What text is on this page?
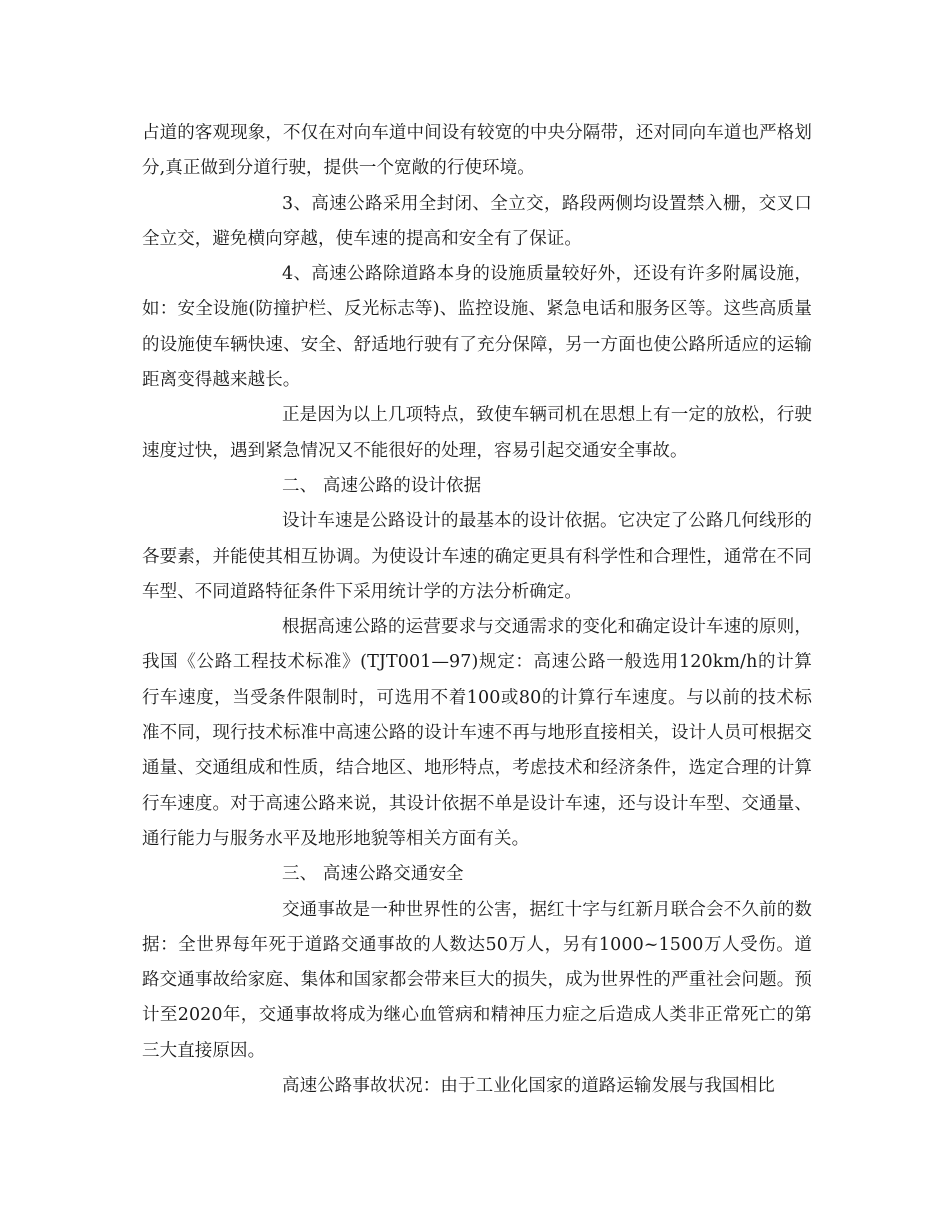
占道的客观现象，不仅在对向车道中间设有较宽的中央分隔带，还对同向车道也严格划分,真正做到分道行驶，提供一个宽敞的行使环境。

3、高速公路采用全封闭、全立交，路段两侧均设置禁入栅，交叉口全立交，避免横向穿越，使车速的提高和安全有了保证。

4、高速公路除道路本身的设施质量较好外，还设有许多附属设施，如：安全设施(防撞护栏、反光标志等)、监控设施、紧急电话和服务区等。这些高质量的设施使车辆快速、安全、舒适地行驶有了充分保障，另一方面也使公路所适应的运输距离变得越来越长。

正是因为以上几项特点，致使车辆司机在思想上有一定的放松，行驶速度过快，遇到紧急情况又不能很好的处理，容易引起交通安全事故。

二、 高速公路的设计依据

设计车速是公路设计的最基本的设计依据。它决定了公路几何线形的各要素，并能使其相互协调。为使设计车速的确定更具有科学性和合理性，通常在不同车型、不同道路特征条件下采用统计学的方法分析确定。

根据高速公路的运营要求与交通需求的变化和确定设计车速的原则，我国《公路工程技术标准》(TJT001—97)规定：高速公路一般选用120km/h的计算行车速度，当受条件限制时，可选用不着100或80的计算行车速度。与以前的技术标准不同，现行技术标准中高速公路的设计车速不再与地形直接相关，设计人员可根据交通量、交通组成和性质，结合地区、地形特点，考虑技术和经济条件，选定合理的计算行车速度。对于高速公路来说，其设计依据不单是设计车速，还与设计车型、交通量、通行能力与服务水平及地形地貌等相关方面有关。

三、 高速公路交通安全

交通事故是一种世界性的公害，据红十字与红新月联合会不久前的数据：全世界每年死于道路交通事故的人数达50万人，另有1000~1500万人受伤。道路交通事故给家庭、集体和国家都会带来巨大的损失，成为世界性的严重社会问题。预计至2020年，交通事故将成为继心血管病和精神压力症之后造成人类非正常死亡的第三大直接原因。

高速公路事故状况：由于工业化国家的道路运输发展与我国相比
